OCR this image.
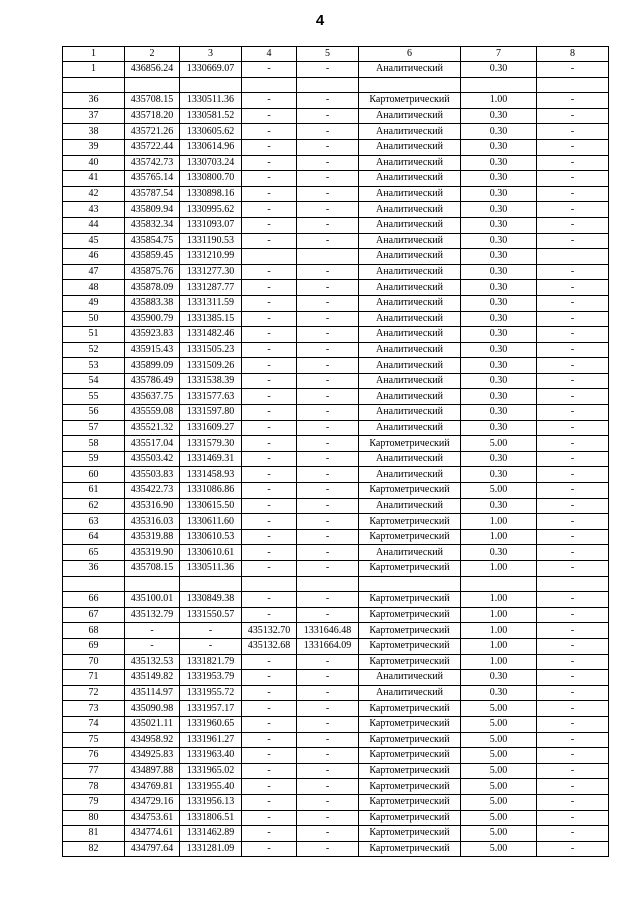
4
1	2	3	4	5	6	7	8
1	436856.24	1330669.07	-	-	Аналитический	0.30	-

36	435708.15	1330511.36	-	-	Картометрический	1.00	-
37	435718.20	1330581.52	-	-	Аналитический	0.30	-
38	435721.26	1330605.62	-	-	Аналитический	0.30	-
39	435722.44	1330614.96	-	-	Аналитический	0.30	-
40	435742.73	1330703.24	-	-	Аналитический	0.30	-
41	435765.14	1330800.70	-	-	Аналитический	0.30	-
42	435787.54	1330898.16	-	-	Аналитический	0.30	-
43	435809.94	1330995.62	-	-	Аналитический	0.30	-
44	435832.34	1331093.07	-	-	Аналитический	0.30	-
45	435854.75	1331190.53	-	-	Аналитический	0.30	-
46	435859.45	1331210.99			Аналитический	0.30	
47	435875.76	1331277.30	-	-	Аналитический	0.30	-
48	435878.09	1331287.77	-	-	Аналитический	0.30	-
49	435883.38	1331311.59	-	-	Аналитический	0.30	-
50	435900.79	1331385.15	-	-	Аналитический	0.30	-
51	435923.83	1331482.46	-	-	Аналитический	0.30	-
52	435915.43	1331505.23	-	-	Аналитический	0.30	-
53	435899.09	1331509.26	-	-	Аналитический	0.30	-
54	435786.49	1331538.39	-	-	Аналитический	0.30	-
55	435637.75	1331577.63	-	-	Аналитический	0.30	-
56	435559.08	1331597.80	-	-	Аналитический	0.30	-
57	435521.32	1331609.27	-	-	Аналитический	0.30	-
58	435517.04	1331579.30	-	-	Картометрический	5.00	-
59	435503.42	1331469.31	-	-	Аналитический	0.30	-
60	435503.83	1331458.93	-	-	Аналитический	0.30	-
61	435422.73	1331086.86	-	-	Картометрический	5.00	-
62	435316.90	1330615.50	-	-	Аналитический	0.30	-
63	435316.03	1330611.60	-	-	Картометрический	1.00	-
64	435319.88	1330610.53	-	-	Картометрический	1.00	-
65	435319.90	1330610.61	-	-	Аналитический	0.30	-
36	435708.15	1330511.36	-	-	Картометрический	1.00	-

66	435100.01	1330849.38	-	-	Картометрический	1.00	-
67	435132.79	1331550.57	-	-	Картометрический	1.00	-
68	-	-	435132.70	1331646.48	Картометрический	1.00	-
69	-	-	435132.68	1331664.09	Картометрический	1.00	-
70	435132.53	1331821.79	-	-	Картометрический	1.00	-
71	435149.82	1331953.79	-	-	Аналитический	0.30	-
72	435114.97	1331955.72	-	-	Аналитический	0.30	-
73	435090.98	1331957.17	-	-	Картометрический	5.00	-
74	435021.11	1331960.65	-	-	Картометрический	5.00	-
75	434958.92	1331961.27	-	-	Картометрический	5.00	-
76	434925.83	1331963.40	-	-	Картометрический	5.00	-
77	434897.88	1331965.02	-	-	Картометрический	5.00	-
78	434769.81	1331955.40	-	-	Картометрический	5.00	-
79	434729.16	1331956.13	-	-	Картометрический	5.00	-
80	434753.61	1331806.51	-	-	Картометрический	5.00	-
81	434774.61	1331462.89	-	-	Картометрический	5.00	-
82	434797.64	1331281.09	-	-	Картометрический	5.00	-
